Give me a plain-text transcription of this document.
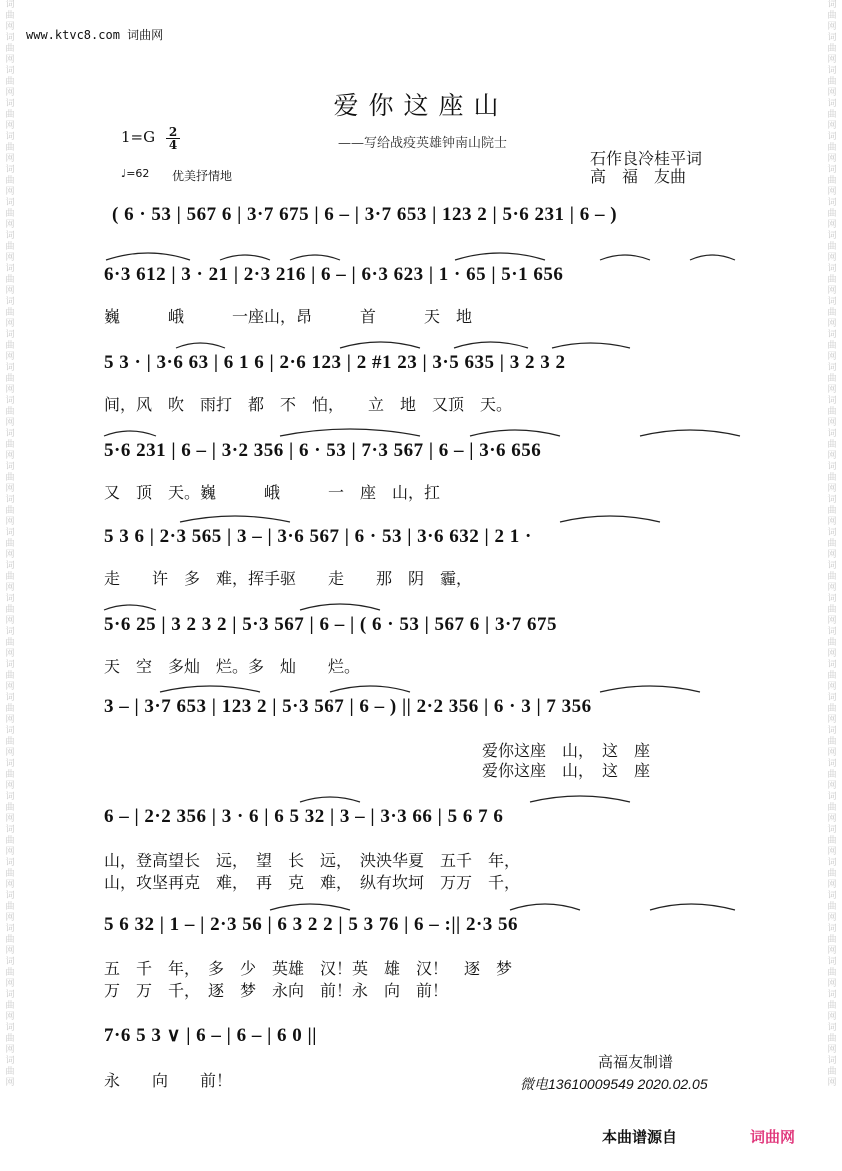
词曲网词曲网词曲网词曲网词曲网词曲网词曲网词曲网词曲网词曲网词曲网词曲网词曲网词曲网词曲网词曲网词曲网词曲网词曲网词曲网词曲网词曲网词曲网词曲网词曲网词曲网词曲网词曲网词曲网词曲网词曲网词曲网词曲网
词曲网词曲网词曲网词曲网词曲网词曲网词曲网词曲网词曲网词曲网词曲网词曲网词曲网词曲网词曲网词曲网词曲网词曲网词曲网词曲网词曲网词曲网词曲网词曲网词曲网词曲网词曲网词曲网词曲网词曲网词曲网词曲网词曲网
www.ktvc8.com 词曲网
爱你这座山
——写给战疫英雄钟南山院士
$1=G \frac{2}{4}$
♩=62 优美抒情地
石作良冷桂平词
高　福　友曲
( 6 · 53 | 567 6 | 3·7 675 | 6 – | 3·7 653 | 123 2 | 5·6 231 | 6 – )
6·3 612 | 3 · 21 | 2·3 216 | 6 – | 6·3 623 | 1 · 65 | 5·1 656
巍　　　峨　　　一座山，昂　　　首　　　天　地
5 3 · | 3·6 63 | 6 1 6 | 2·6 123 | 2 #1 23 | 3·5 635 | 3 2 3 2
间，风　吹　雨打　都　不　怕，　　立　地　又顶　天。
5·6 231 | 6 – | 3·2 356 | 6 · 53 | 7·3 567 | 6 – | 3·6 656
又　顶　天。巍　　　峨　　　一　座　山，扛
5 3 6 | 2·3 565 | 3 – | 3·6 567 | 6 · 53 | 3·6 632 | 2 1 ·
走　　许　多　难，挥手驱　　走　　那　阴　霾，
5·6 25 | 3 2 3 2 | 5·3 567 | 6 – | ( 6 · 53 | 567 6 | 3·7 675
天　空　多灿　烂。多　灿　　烂。
3 – | 3·7 653 | 123 2 | 5·3 567 | 6 – ) || 2·2 356 | 6 · 3 | 7 356
爱你这座　山，　这　座
爱你这座　山，　这　座
6 – | 2·2 356 | 3 · 6 | 6 5 32 | 3 – | 3·3 66 | 5 6 7 6
山，登高望长　远，　望　长　远，　泱泱华夏　五千　年，
山，攻坚再克　难，　再　克　难，　纵有坎坷　万万　千，
5 6 32 | 1 – | 2·3 56 | 6 3 2 2 | 5 3 76 | 6 – :|| 2·3 56
五　千　年，　多　少　英雄　汉！英　雄　汉！　逐　梦
万　万　千，　逐　梦　永向　前！永　向　前！
7·6 5 3 ∨ | 6 – | 6 – | 6 0 ||
永　　向　　前！
高福友制谱
微电13610009549 2020.02.05
本曲谱源自	词曲网
